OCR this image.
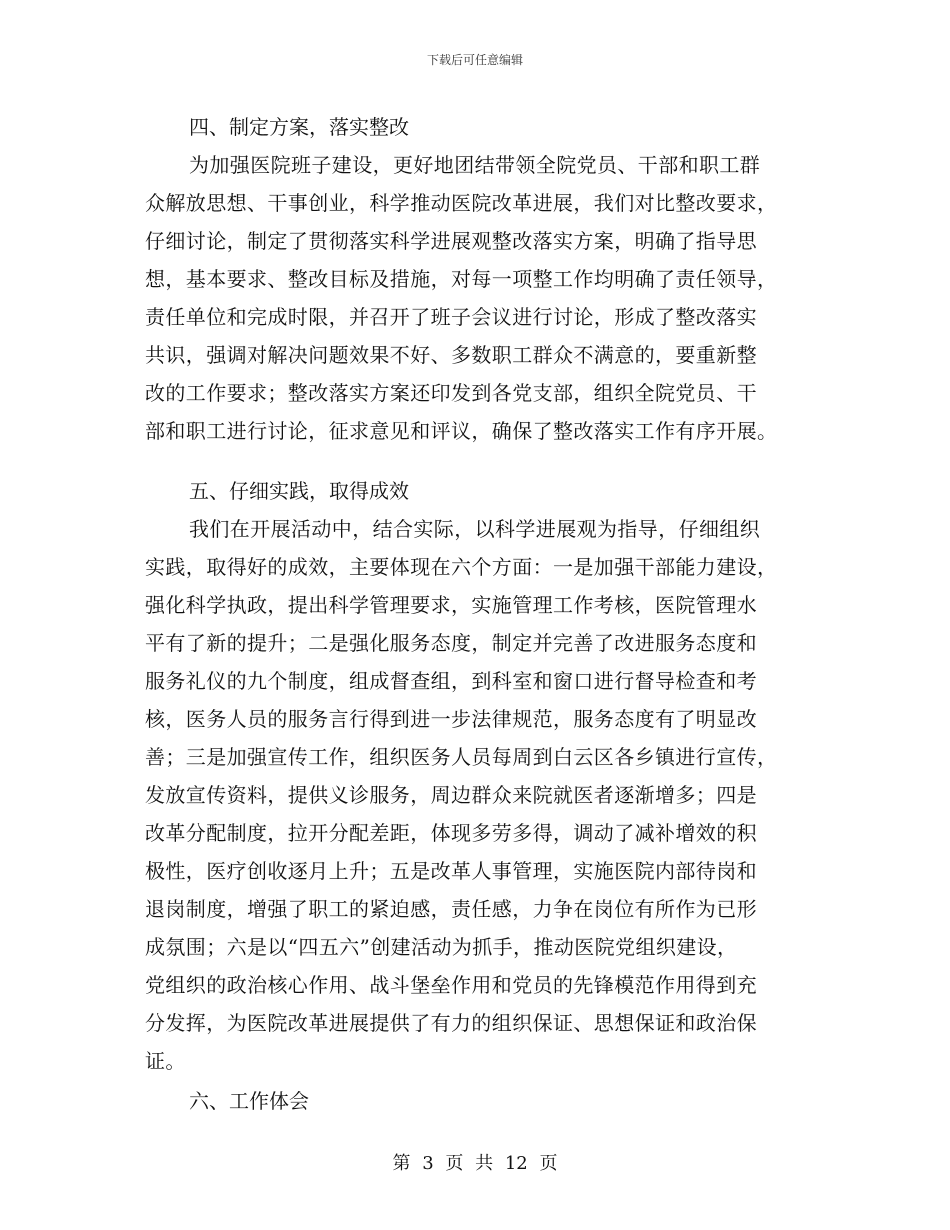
下载后可任意编辑

四、制定方案，落实整改

为加强医院班子建设，更好地团结带领全院党员、干部和职工群
众解放思想、干事创业，科学推动医院改革进展，我们对比整改要求，
仔细讨论，制定了贯彻落实科学进展观整改落实方案，明确了指导思
想，基本要求、整改目标及措施，对每一项整工作均明确了责任领导，
责任单位和完成时限，并召开了班子会议进行讨论，形成了整改落实
共识，强调对解决问题效果不好、多数职工群众不满意的，要重新整
改的工作要求；整改落实方案还印发到各党支部，组织全院党员、干
部和职工进行讨论，征求意见和评议，确保了整改落实工作有序开展。

五、仔细实践，取得成效

我们在开展活动中，结合实际，以科学进展观为指导，仔细组织
实践，取得好的成效，主要体现在六个方面：一是加强干部能力建设，
强化科学执政，提出科学管理要求，实施管理工作考核，医院管理水
平有了新的提升；二是强化服务态度，制定并完善了改进服务态度和
服务礼仪的九个制度，组成督查组，到科室和窗口进行督导检查和考
核，医务人员的服务言行得到进一步法律规范，服务态度有了明显改
善；三是加强宣传工作，组织医务人员每周到白云区各乡镇进行宣传，
发放宣传资料，提供义诊服务，周边群众来院就医者逐渐增多；四是
改革分配制度，拉开分配差距，体现多劳多得，调动了减补增效的积
极性，医疗创收逐月上升；五是改革人事管理，实施医院内部待岗和
退岗制度，增强了职工的紧迫感，责任感，力争在岗位有所作为已形
成氛围；六是以“四五六”创建活动为抓手，推动医院党组织建设，
党组织的政治核心作用、战斗堡垒作用和党员的先锋模范作用得到充
分发挥，为医院改革进展提供了有力的组织保证、思想保证和政治保
证。

六、工作体会

第 3 页 共 12 页
